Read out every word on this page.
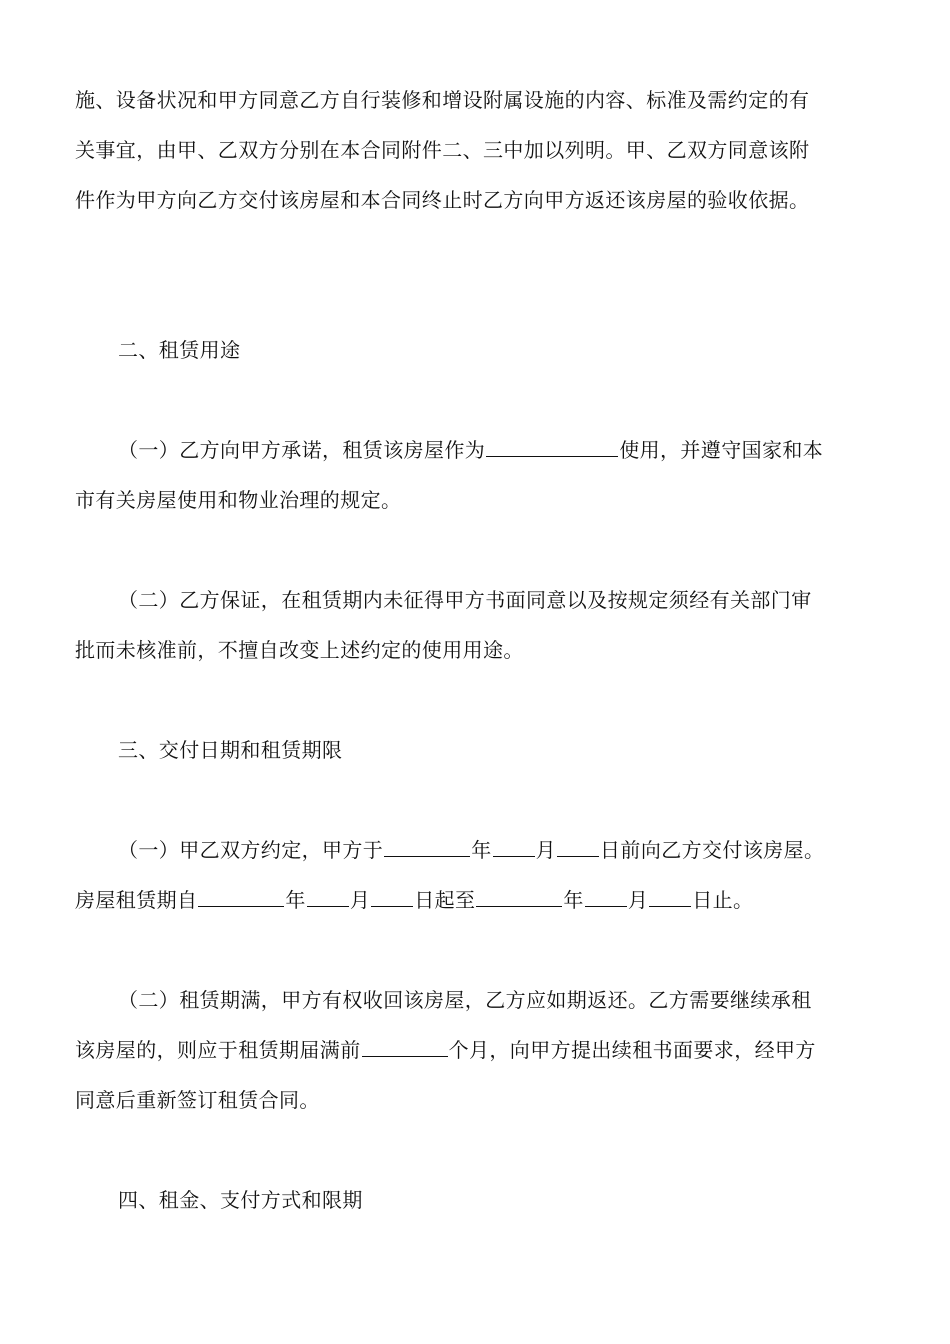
施、设备状况和甲方同意乙方自行装修和增设附属设施的内容、标准及需约定的有
关事宜，由甲、乙双方分别在本合同附件二、三中加以列明。甲、乙双方同意该附
件作为甲方向乙方交付该房屋和本合同终止时乙方向甲方返还该房屋的验收依据。
二、租赁用途
（一）乙方向甲方承诺，租赁该房屋作为	使用，并遵守国家和本
市有关房屋使用和物业治理的规定。
（二）乙方保证，在租赁期内未征得甲方书面同意以及按规定须经有关部门审
批而未核准前，不擅自改变上述约定的使用用途。
三、交付日期和租赁期限
（一）甲乙双方约定，甲方于	年 月 日前向乙方交付该房屋。
房屋租赁期自	年 月 日起至	年 月 日止。
（二）租赁期满，甲方有权收回该房屋，乙方应如期返还。乙方需要继续承租
该房屋的，则应于租赁期届满前	个月，向甲方提出续租书面要求，经甲方
同意后重新签订租赁合同。
四、租金、支付方式和限期
